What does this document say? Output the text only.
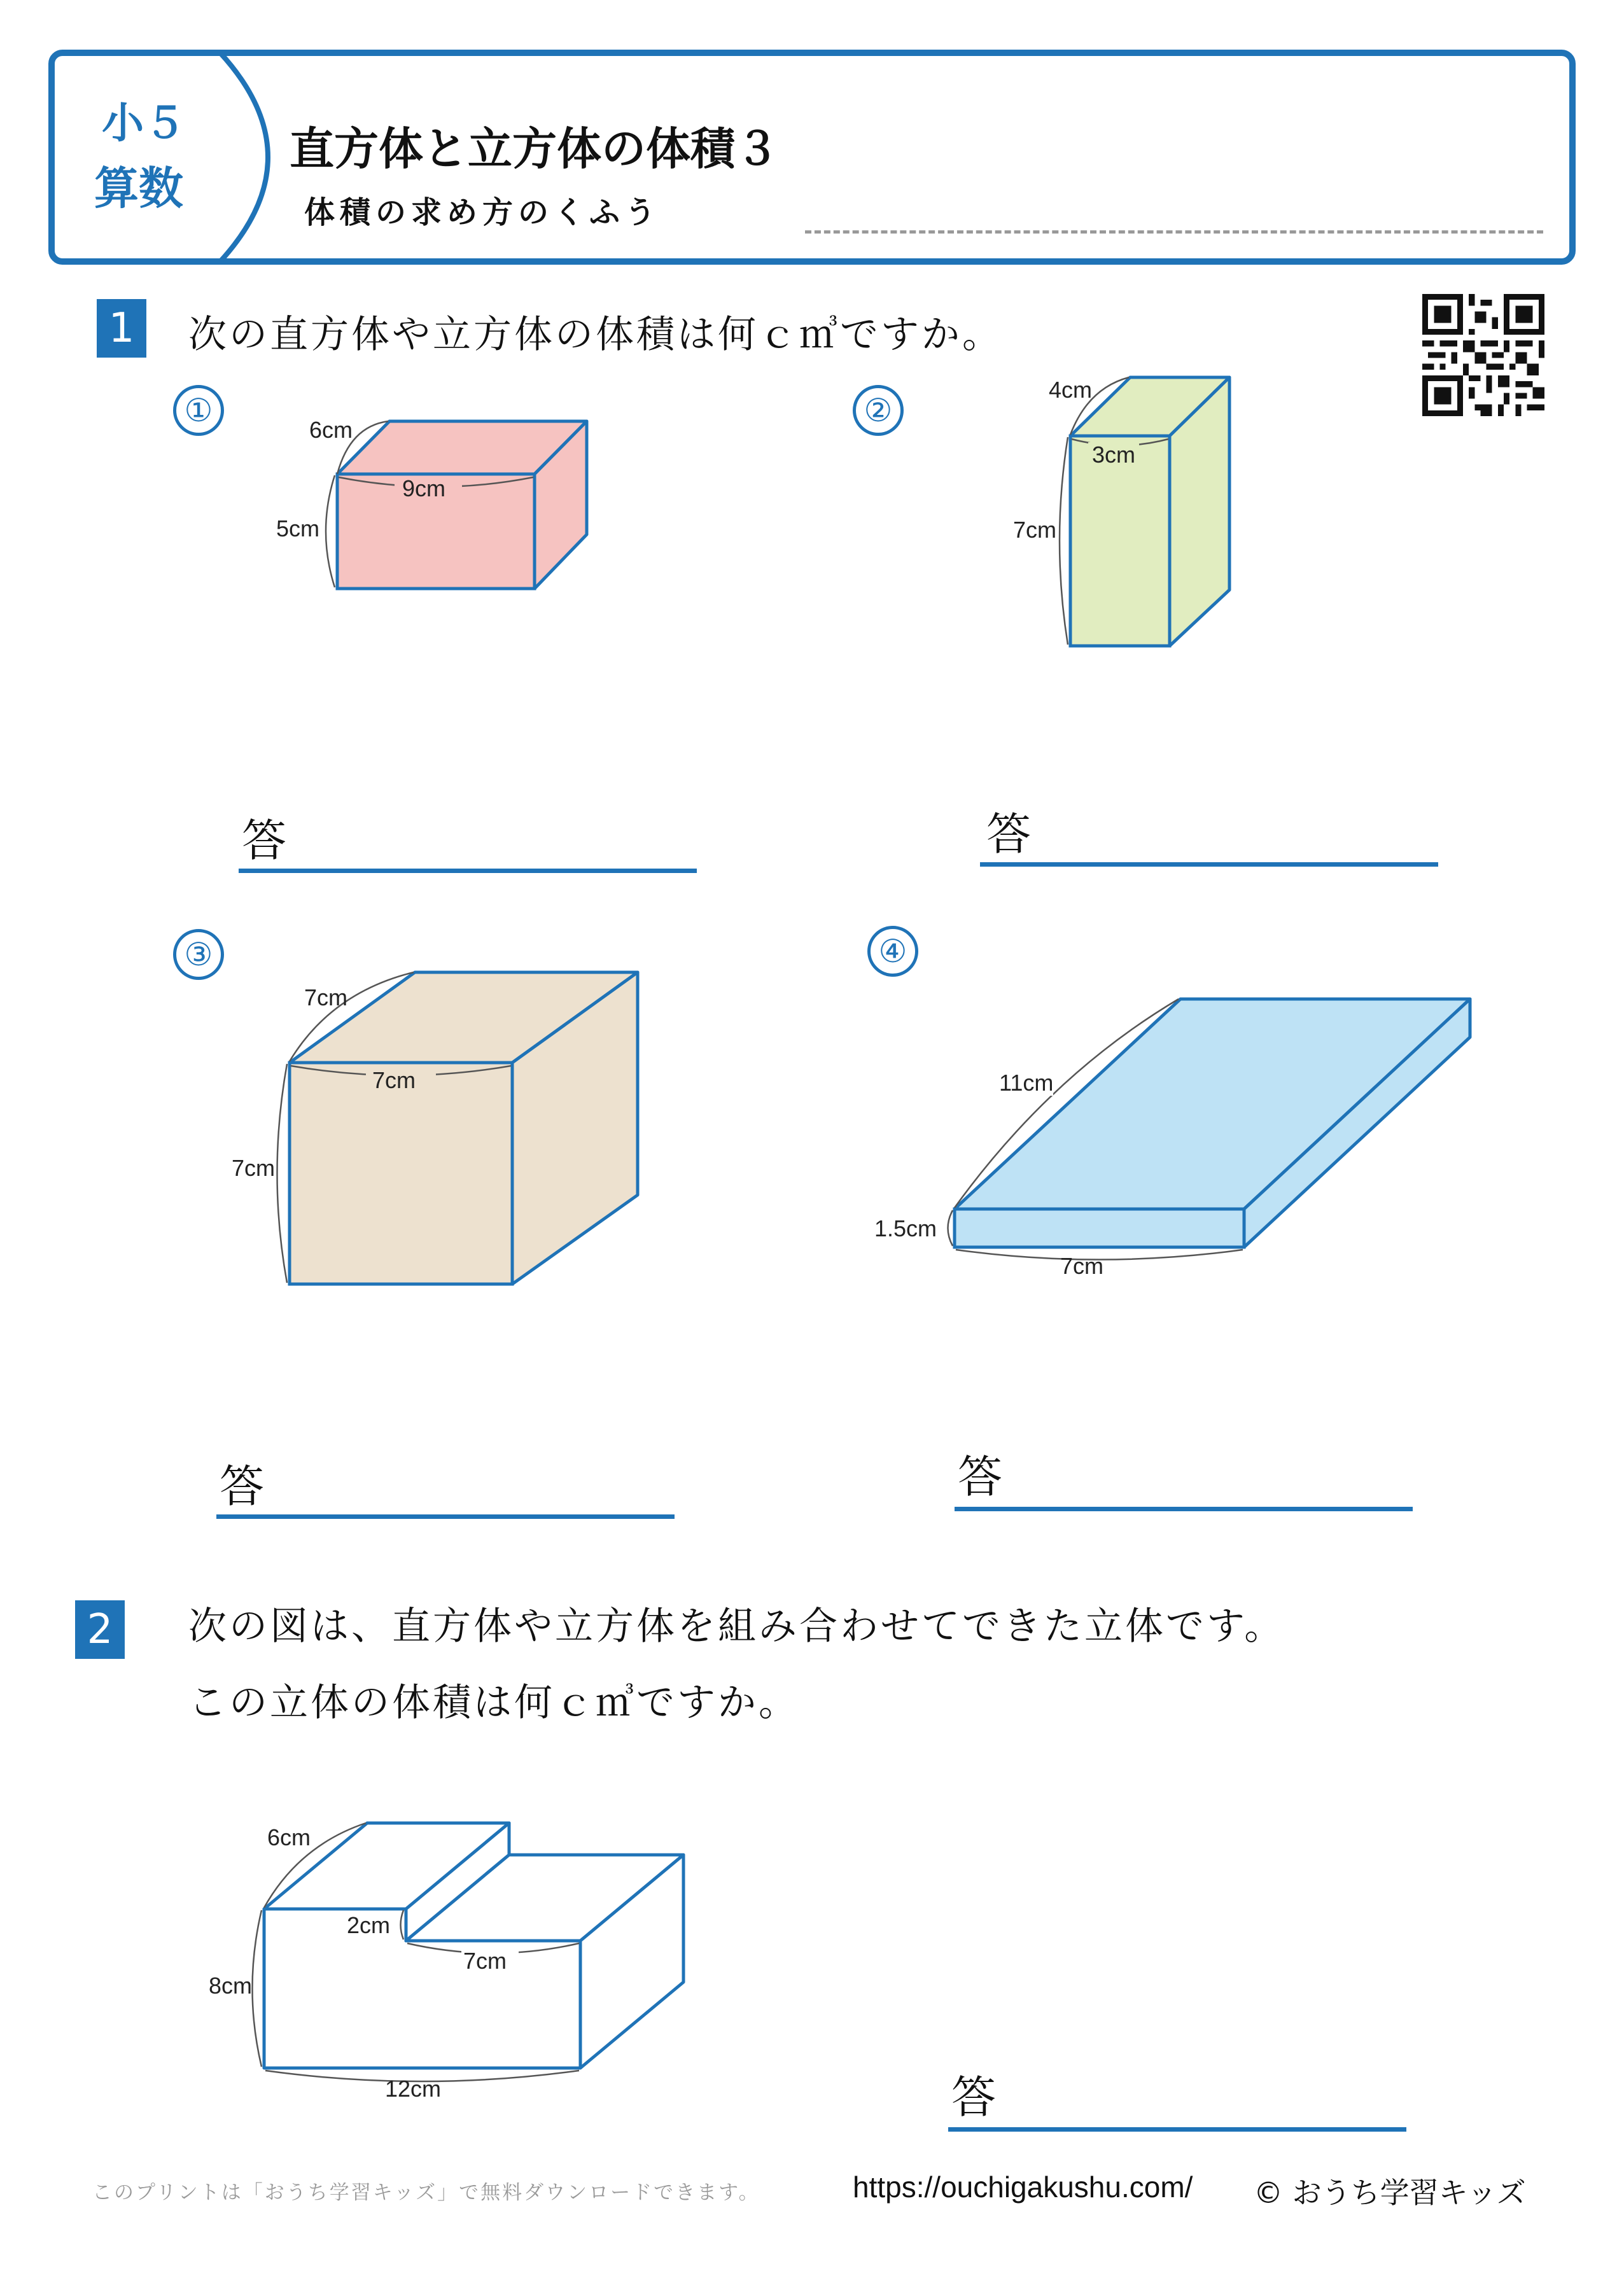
小５
算数
直方体と立方体の体積３
体積の求め方のくふう
1	次の直方体や立方体の体積は何ｃ㎥ですか。
①
6cm
9cm
5cm
答
②
4cm
3cm
7cm
答
③
7cm
7cm
7cm
答
④
11cm
1.5cm
7cm
答
2	次の図は、直方体や立方体を組み合わせてできた立体です。
この立体の体積は何ｃ㎥ですか。
6cm
2cm
7cm
8cm
12cm	答
このプリントは「おうち学習キッズ」で無料ダウンロードできます。	https://ouchigakushu.com/ © おうち学習キッズ
